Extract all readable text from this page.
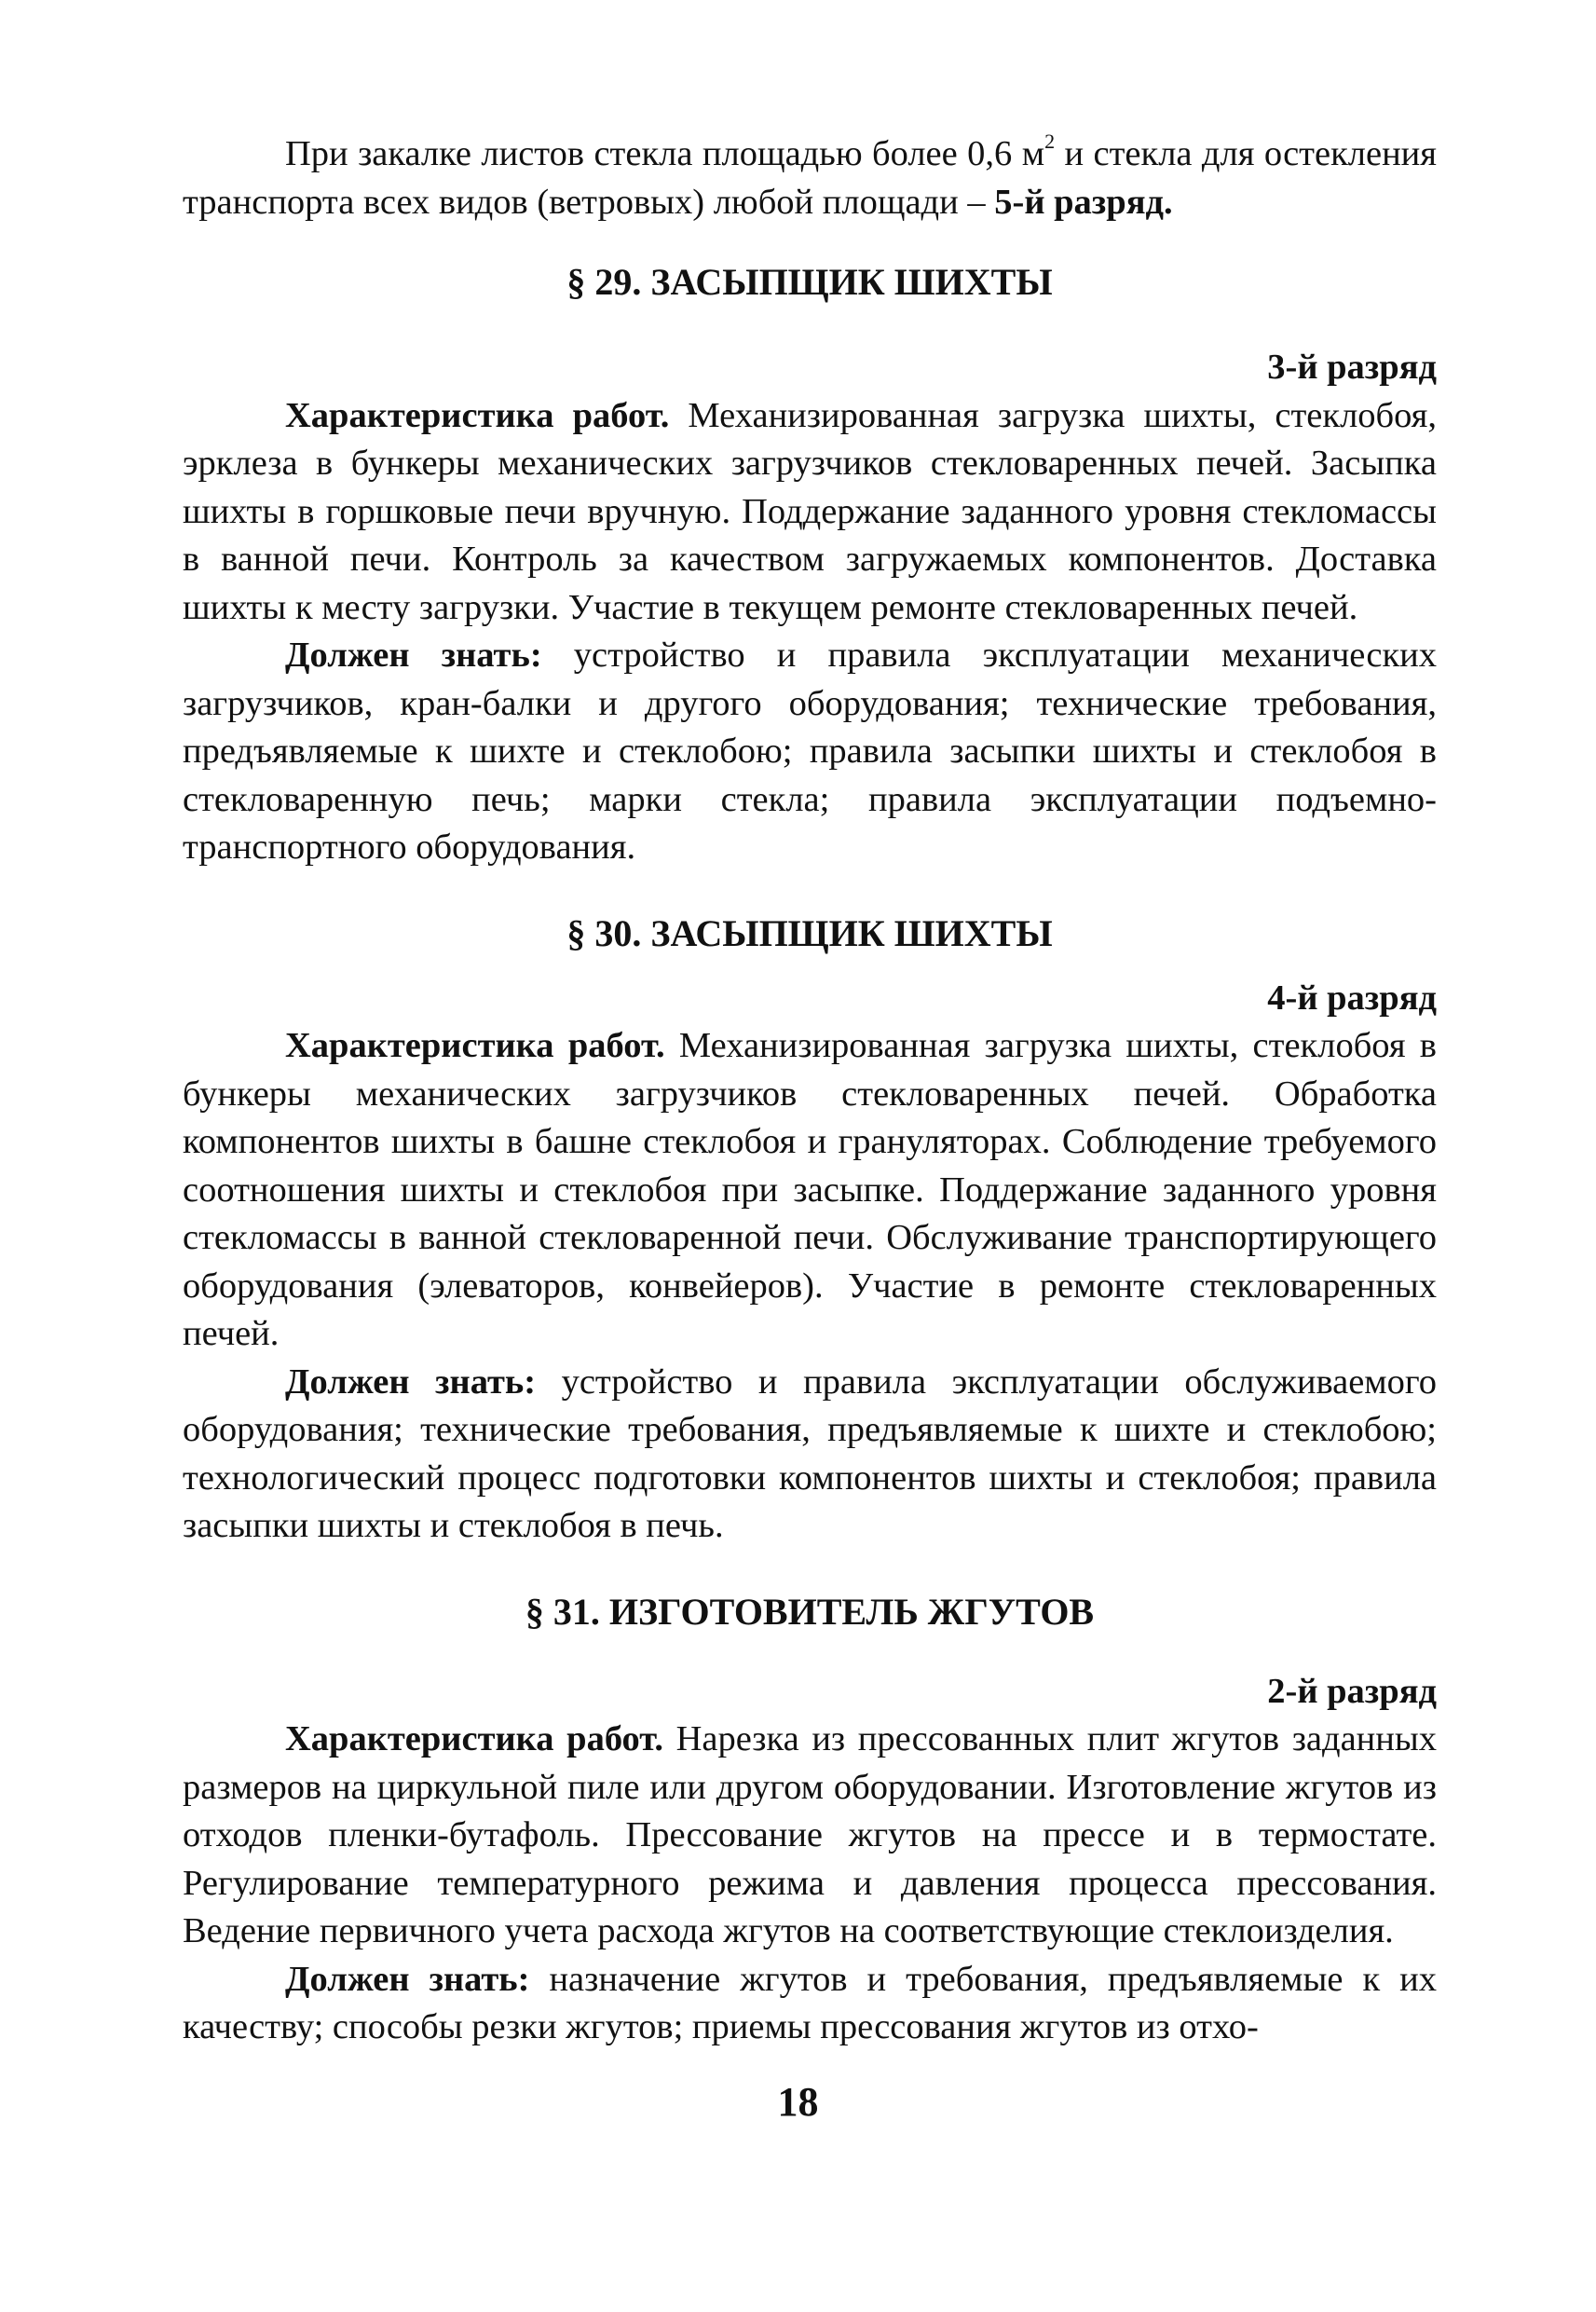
При закалке листов стекла площадью более 0,6 $м^2$ и стекла для остекления транспорта всех видов (ветровых) любой площади – 5-й разряд.

§ 29. ЗАСЫПЩИК ШИХТЫ

3-й разряд

Характеристика работ. Механизированная загрузка шихты, стеклобоя, эрклеза в бункеры механических загрузчиков стекловаренных печей. Засыпка шихты в горшковые печи вручную. Поддержание заданного уровня стекломассы в ванной печи. Контроль за качеством загружаемых компонентов. Доставка шихты к месту загрузки. Участие в текущем ремонте стекловаренных печей.

Должен знать: устройство и правила эксплуатации механических загрузчиков, кран-балки и другого оборудования; технические требования, предъявляемые к шихте и стеклобою; правила засыпки шихты и стеклобоя в стекловаренную печь; марки стекла; правила эксплуатации подъемно-транспортного оборудования.

§ 30. ЗАСЫПЩИК ШИХТЫ

4-й разряд

Характеристика работ. Механизированная загрузка шихты, стеклобоя в бункеры механических загрузчиков стекловаренных печей. Обработка компонентов шихты в башне стеклобоя и грануляторах. Соблюдение требуемого соотношения шихты и стеклобоя при засыпке. Поддержание заданного уровня стекломассы в ванной стекловаренной печи. Обслуживание транспортирующего оборудования (элеваторов, конвейеров). Участие в ремонте стекловаренных печей.

Должен знать: устройство и правила эксплуатации обслуживаемого оборудования; технические требования, предъявляемые к шихте и стеклобою; технологический процесс подготовки компонентов шихты и стеклобоя; правила засыпки шихты и стеклобоя в печь.

§ 31. ИЗГОТОВИТЕЛЬ ЖГУТОВ

2-й разряд

Характеристика работ. Нарезка из прессованных плит жгутов заданных размеров на циркульной пиле или другом оборудовании. Изготовление жгутов из отходов пленки-бутафоль. Прессование жгутов на прессе и в термостате. Регулирование температурного режима и давления процесса прессования. Ведение первичного учета расхода жгутов на соответствующие стеклоизделия.

Должен знать: назначение жгутов и требования, предъявляемые к их качеству; способы резки жгутов; приемы прессования жгутов из отхо-

18
